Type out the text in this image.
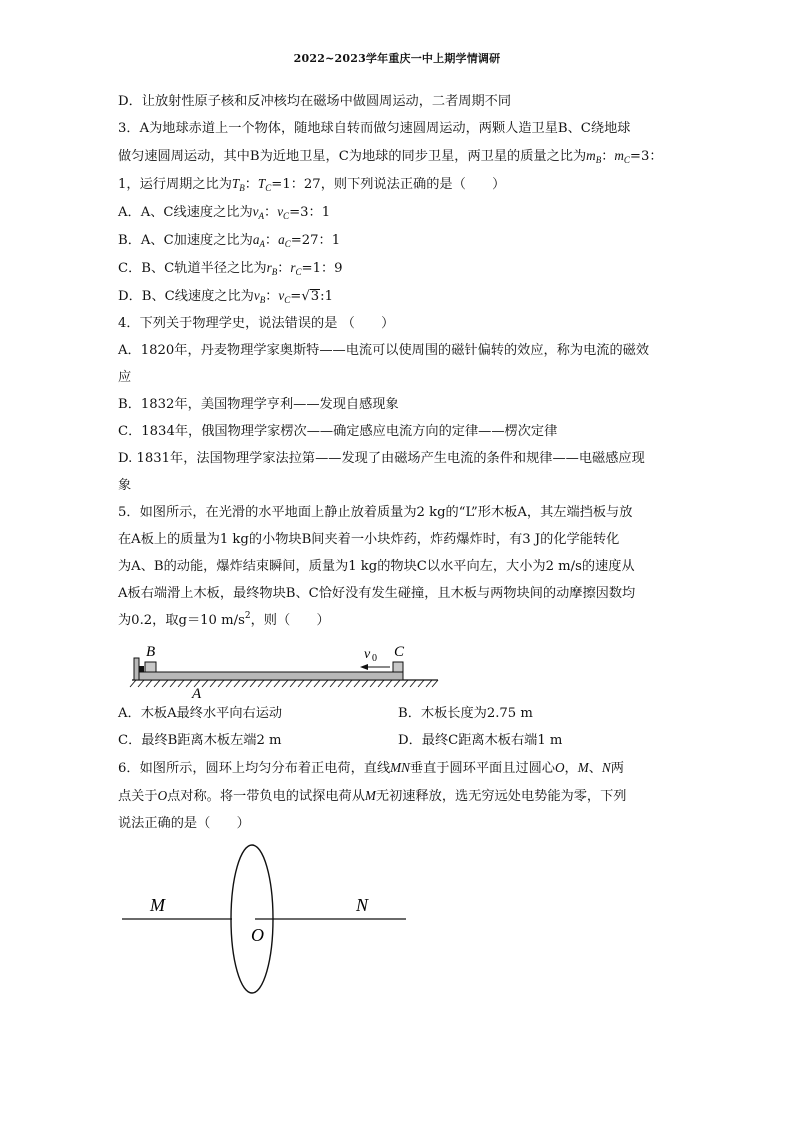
2022~2023学年重庆一中上期学情调研
D．让放射性原子核和反冲核均在磁场中做圆周运动，二者周期不同
3．A为地球赤道上一个物体，随地球自转而做匀速圆周运动，两颗人造卫星B、C绕地球
做匀速圆周运动，其中B为近地卫星，C为地球的同步卫星，两卫星的质量之比为$m_B$：$m_C=3$：
1，运行周期之比为$T_B$：$T_C=1$：27，则下列说法正确的是（　　）
A．A、C线速度之比为$v_A$：$v_C=3$：1
B．A、C加速度之比为$a_A$：$a_C=27$：1
C．B、C轨道半径之比为$r_B$：$r_C=1$：9
D．B、C线速度之比为$v_B$：$v_C=√3:1$
4．下列关于物理学史，说法错误的是 （　　）
A．1820年，丹麦物理学家奥斯特——电流可以使周围的磁针偏转的效应，称为电流的磁效
应
B．1832年，美国物理学亨利——发现自感现象
C．1834年，俄国物理学家楞次——确定感应电流方向的定律——楞次定律
D. 1831年，法国物理学家法拉第——发现了由磁场产生电流的条件和规律——电磁感应现
象
5．如图所示，在光滑的水平地面上静止放着质量为2 kg的“L”形木板A，其左端挡板与放
在A板上的质量为1 kg的小物块B间夹着一小块炸药，炸药爆炸时，有3 J的化学能转化
为A、B的动能，爆炸结束瞬间，质量为1 kg的物块C以水平向左，大小为2 m/s的速度从
A板右端滑上木板，最终物块B、C恰好没有发生碰撞，且木板与两物块间的动摩擦因数均
为0.2，取g＝10 $m/s^2$，则（　　）
B	C
v 0
A
A．木板A最终水平向右运动	B．木板长度为2.75 m
C．最终B距离木板左端2 m	D．最终C距离木板右端1 m
6．如图所示，圆环上均匀分布着正电荷，直线MN垂直于圆环平面且过圆心O，M、N两
点关于O点对称。将一带负电的试探电荷从M无初速释放，选无穷远处电势能为零，下列
说法正确的是（　　）
M	N
O
